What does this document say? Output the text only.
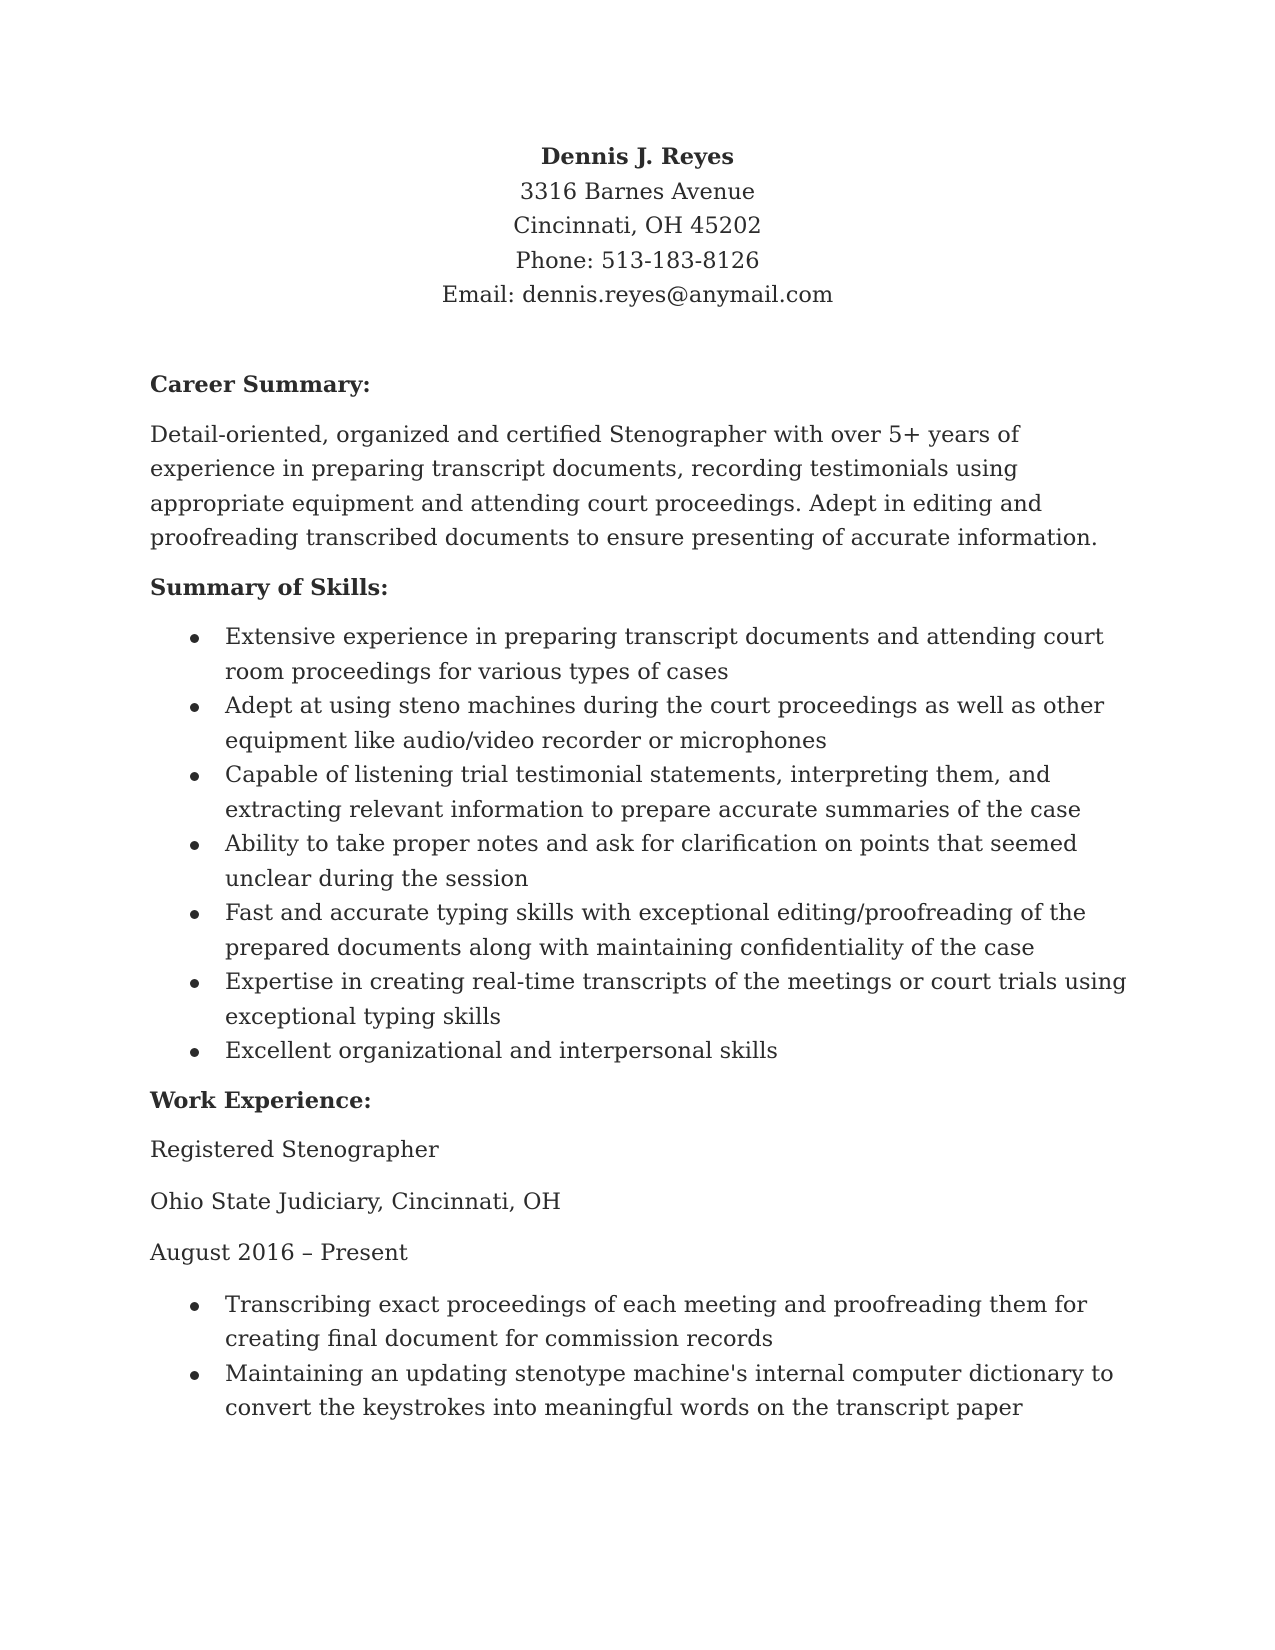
Dennis J. Reyes
3316 Barnes Avenue
Cincinnati, OH 45202
Phone: 513-183-8126
Email: dennis.reyes@anymail.com
Career Summary:
Detail-oriented, organized and certified Stenographer with over 5+ years of experience in preparing transcript documents, recording testimonials using appropriate equipment and attending court proceedings. Adept in editing and proofreading transcribed documents to ensure presenting of accurate information.
Summary of Skills:
Extensive experience in preparing transcript documents and attending court room proceedings for various types of cases
Adept at using steno machines during the court proceedings as well as other equipment like audio/video recorder or microphones
Capable of listening trial testimonial statements, interpreting them, and extracting relevant information to prepare accurate summaries of the case
Ability to take proper notes and ask for clarification on points that seemed unclear during the session
Fast and accurate typing skills with exceptional editing/proofreading of the prepared documents along with maintaining confidentiality of the case
Expertise in creating real-time transcripts of the meetings or court trials using exceptional typing skills
Excellent organizational and interpersonal skills
Work Experience:
Registered Stenographer
Ohio State Judiciary, Cincinnati, OH
August 2016 – Present
Transcribing exact proceedings of each meeting and proofreading them for creating final document for commission records
Maintaining an updating stenotype machine's internal computer dictionary to convert the keystrokes into meaningful words on the transcript paper
